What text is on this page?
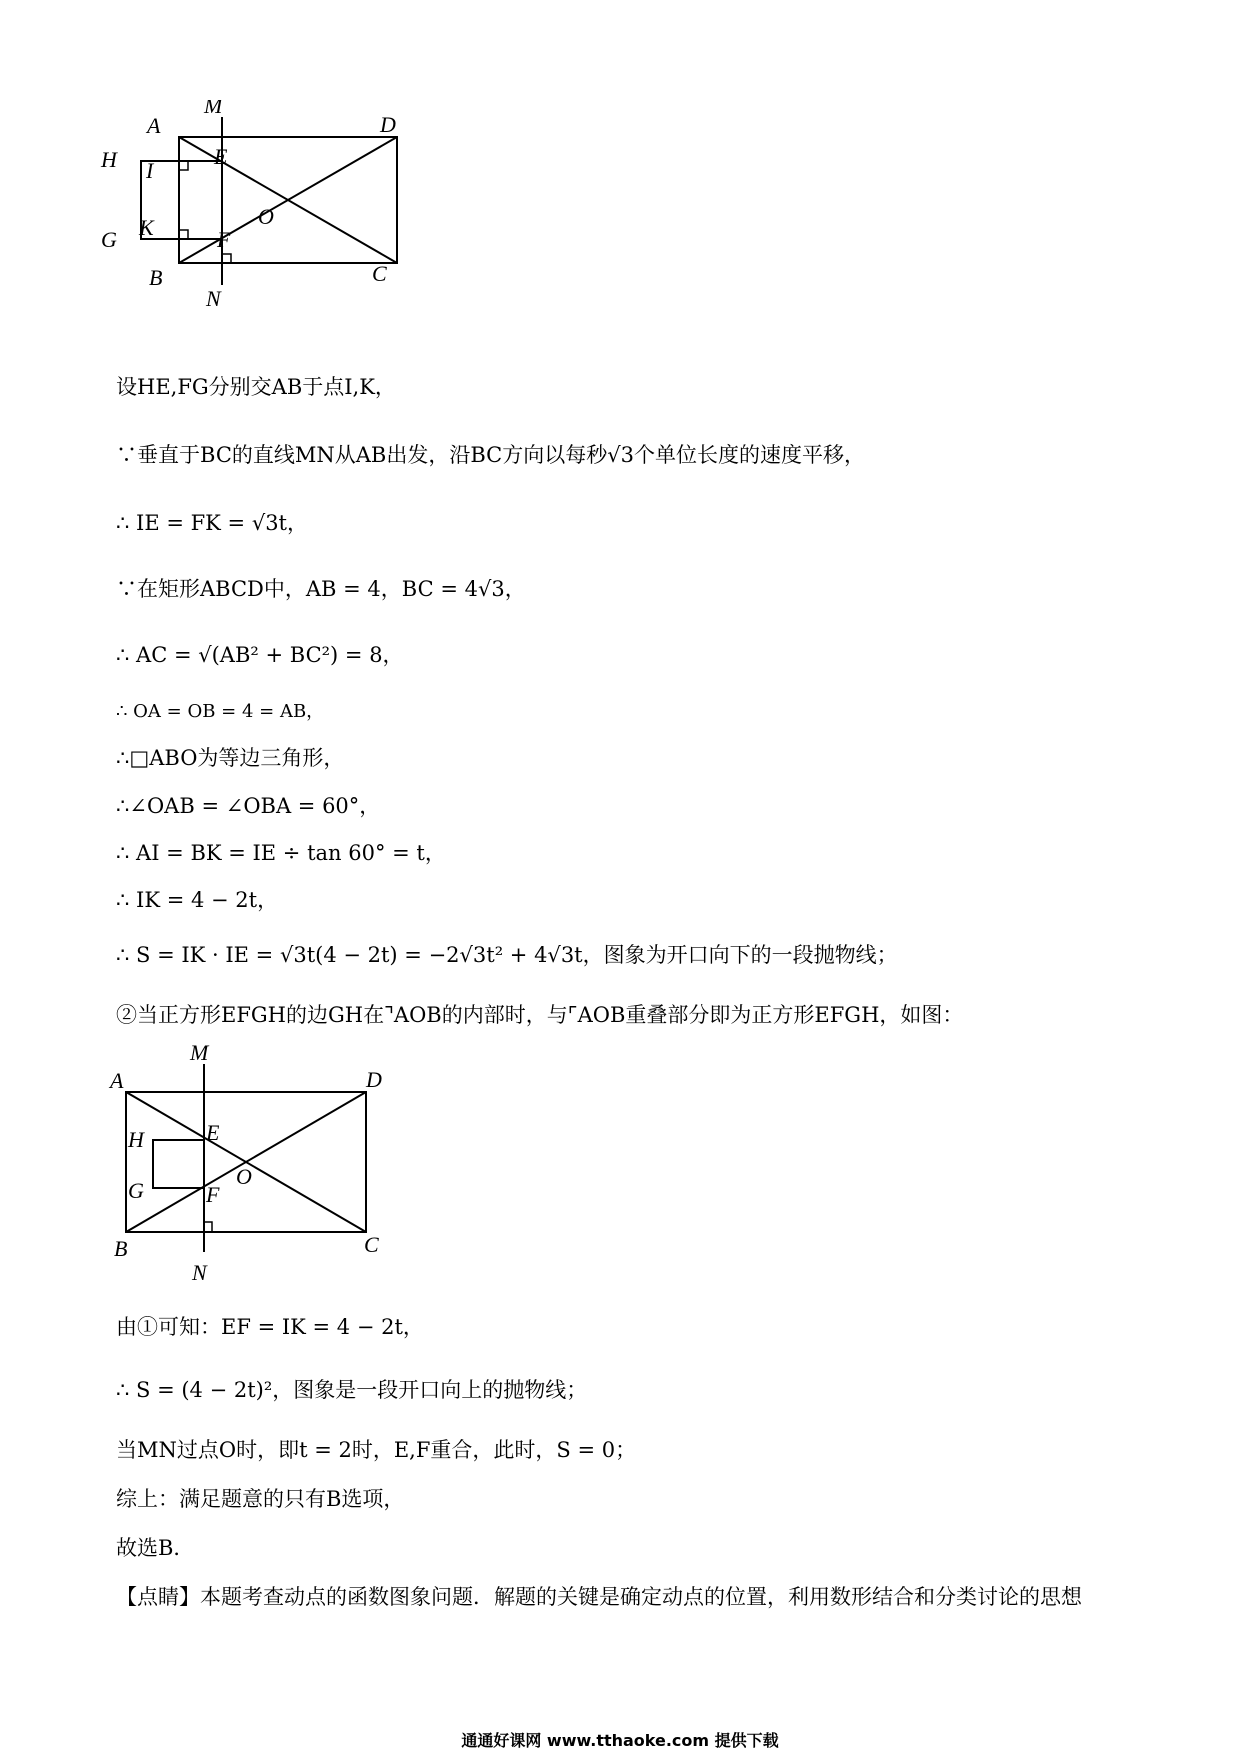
M
A	D
H I
E
O
G K	F
B	C
N
设HE,FG分别交AB于点I,K，
∵垂直于BC的直线MN从AB出发，沿BC方向以每秒√3个单位长度的速度平移，
∴ IE = FK = √3t，
∵在矩形ABCD中，AB = 4，BC = 4√3，
∴ AC = √(AB² + BC²) = 8，
∴ OA = OB = 4 = AB，
∴□ABO为等边三角形，
∴∠OAB = ∠OBA = 60°，
∴ AI = BK = IE ÷ tan 60° = t，
∴ IK = 4 − 2t，
∴ S = IK · IE = √3t(4 − 2t) = −2√3t² + 4√3t，图象为开口向下的一段抛物线；
②当正方形EFGH的边GH在⌝AOB的内部时，与⌜AOB重叠部分即为正方形EFGH，如图：
M
A	D
H	E
O
G	F
B	C
N
由①可知：EF = IK = 4 − 2t，
∴ S = (4 − 2t)²，图象是一段开口向上的抛物线；
当MN过点O时，即t = 2时，E,F重合，此时，S = 0；
综上：满足题意的只有B选项，
故选B．
【点睛】本题考查动点的函数图象问题．解题的关键是确定动点的位置，利用数形结合和分类讨论的思想
通通好课网 www.tthaoke.com 提供下载
